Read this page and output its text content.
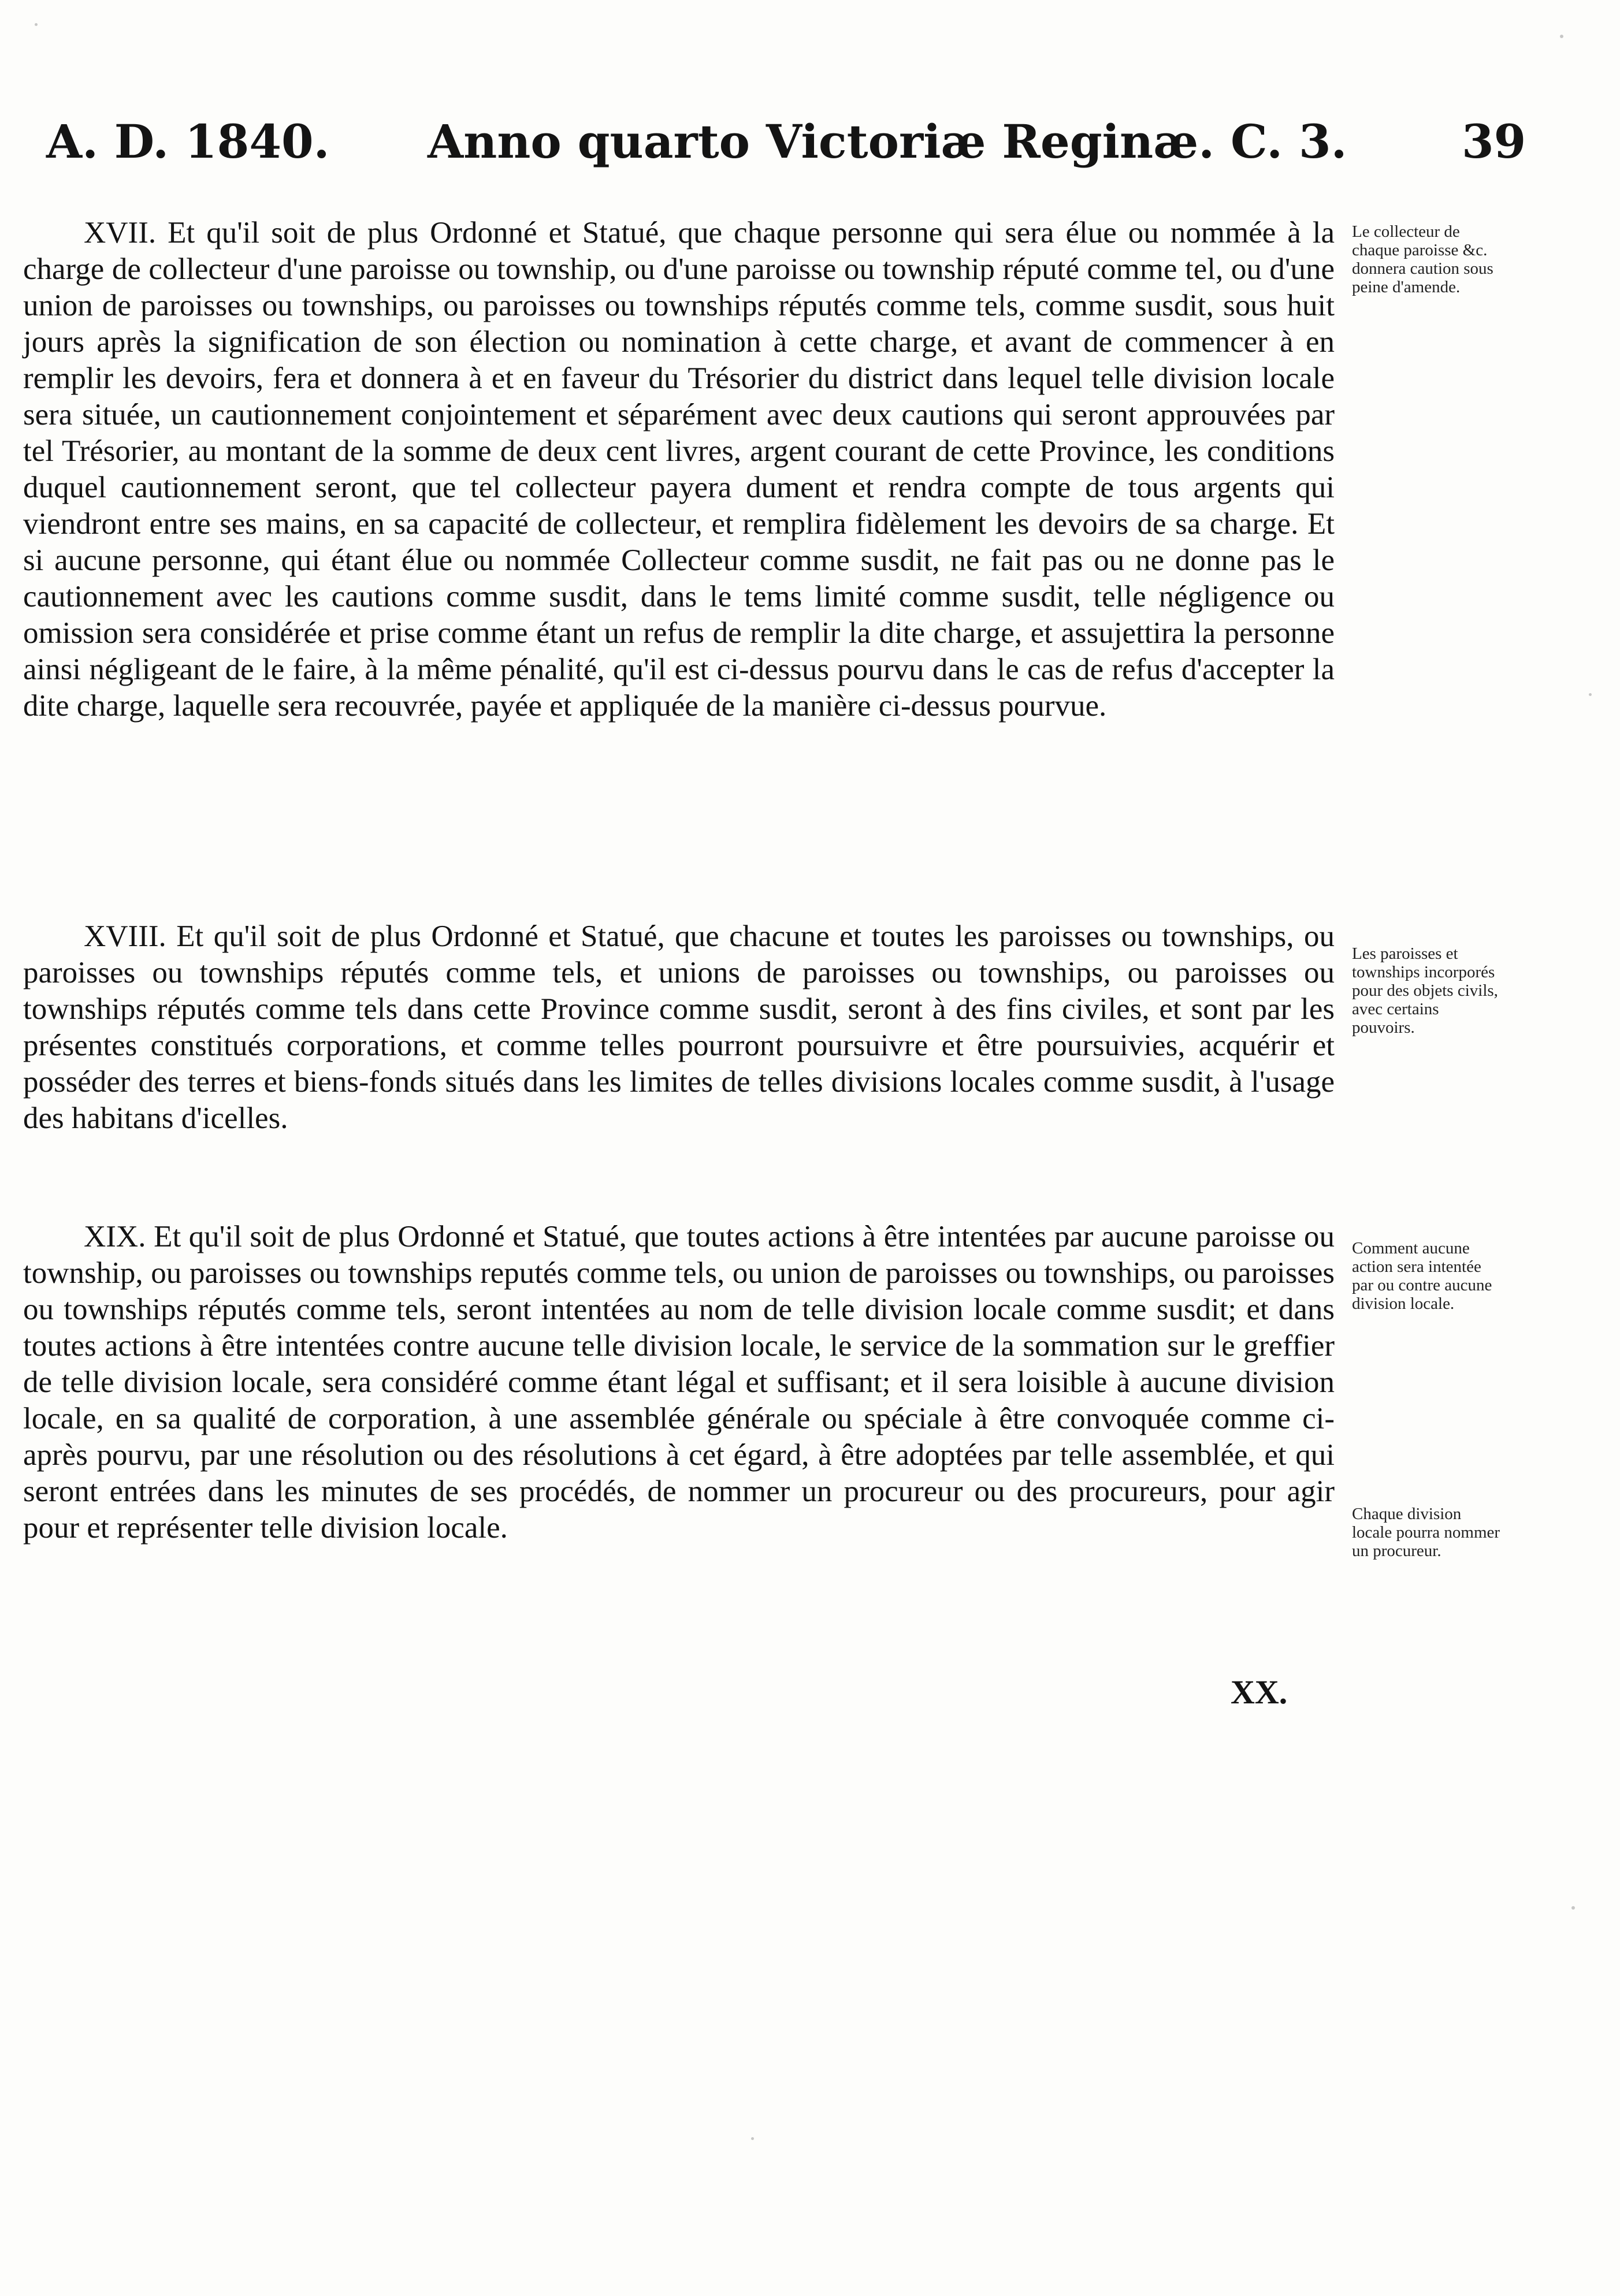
A. D. 1840. Anno quarto Victoriæ Reginæ. C. 3. 39

XVII. Et qu'il soit de plus Ordonné et Statué, que chaque personne qui sera élue ou nommée à la charge de collecteur d'une paroisse ou township, ou d'une paroisse ou township réputé comme tel, ou d'une union de paroisses ou townships, ou paroisses ou townships réputés comme tels, comme susdit, sous huit jours après la signification de son élection ou nomination à cette charge, et avant de commencer à en remplir les devoirs, fera et donnera à et en faveur du Trésorier du district dans lequel telle division locale sera située, un cautionnement conjointement et séparément avec deux cautions qui seront approuvées par tel Trésorier, au montant de la somme de deux cent livres, argent courant de cette Province, les conditions duquel cautionnement seront, que tel collecteur payera dument et rendra compte de tous argents qui viendront entre ses mains, en sa capacité de collecteur, et remplira fidèlement les devoirs de sa charge. Et si aucune personne, qui étant élue ou nommée Collecteur comme susdit, ne fait pas ou ne donne pas le cautionnement avec les cautions comme susdit, dans le tems limité comme susdit, telle négligence ou omission sera considérée et prise comme étant un refus de remplir la dite charge, et assujettira la personne ainsi négligeant de le faire, à la même pénalité, qu'il est ci-dessus pourvu dans le cas de refus d'accepter la dite charge, laquelle sera recouvrée, payée et appliquée de la manière ci-dessus pourvue.

Le collecteur de chaque paroisse &c. donnera caution sous peine d'amende.

XVIII. Et qu'il soit de plus Ordonné et Statué, que chacune et toutes les paroisses ou townships, ou paroisses ou townships réputés comme tels, et unions de paroisses ou townships, ou paroisses ou townships réputés comme tels dans cette Province comme susdit, seront à des fins civiles, et sont par les présentes constitués corporations, et comme telles pourront poursuivre et être poursuivies, acquérir et posséder des terres et biens-fonds situés dans les limites de telles divisions locales comme susdit, à l'usage des habitans d'icelles.

Les paroisses et townships incorporés pour des objets civils, avec certains pouvoirs.

XIX. Et qu'il soit de plus Ordonné et Statué, que toutes actions à être intentées par aucune paroisse ou township, ou paroisses ou townships reputés comme tels, ou union de paroisses ou townships, ou paroisses ou townships réputés comme tels, seront intentées au nom de telle division locale comme susdit; et dans toutes actions à être intentées contre aucune telle division locale, le service de la sommation sur le greffier de telle division locale, sera considéré comme étant légal et suffisant; et il sera loisible à aucune division locale, en sa qualité de corporation, à une assemblée générale ou spéciale à être convoquée comme ci-après pourvu, par une résolution ou des résolutions à cet égard, à être adoptées par telle assemblée, et qui seront entrées dans les minutes de ses procédés, de nommer un procureur ou des procureurs, pour agir pour et représenter telle division locale.

Comment aucune action sera intentée par ou contre aucune division locale.

Chaque division locale pourra nommer un procureur.

XX.
